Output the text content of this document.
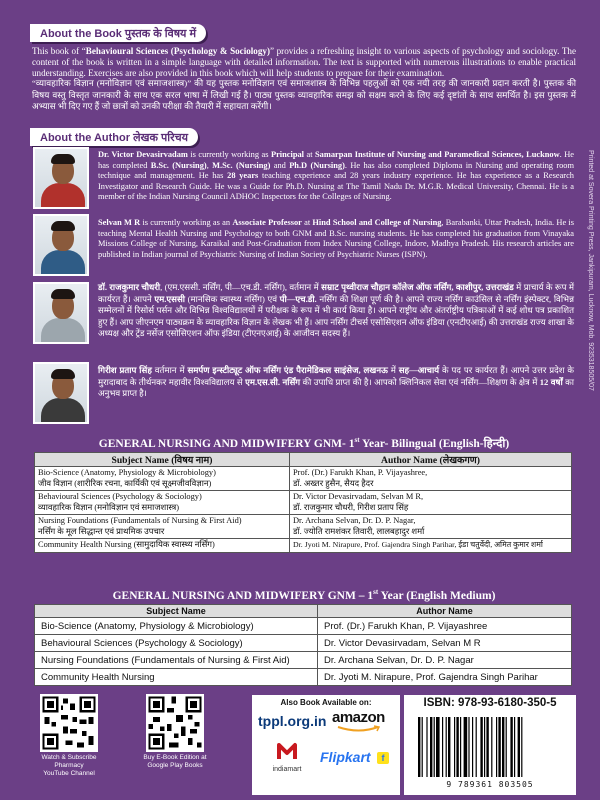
About the Book पुस्तक के विषय में
This book of “Behavioural Sciences (Psychology & Sociology)” provides a refreshing insight to various aspects of psychology and sociology. The content of the book is written in a simple language with detailed information. The text is supported with numerous illustrations to enable practical understanding. Exercises are also provided in this book which will help students to prepare for their examination.
“व्यावहारिक विज्ञान (मनोविज्ञान एवं समाजशास्त्र)” की यह पुस्तक मनोविज्ञान एवं समाजशास्त्र के विभिन्न पहलुओं को एक नयी तरह की जानकारी प्रदान करती है। पुस्तक की विषय वस्तु विस्तृत जानकारी के साथ एक सरल भाषा में लिखी गई है। पाठ्य पुस्तक व्यावहारिक समझ को सक्षम करने के लिए कई दृष्टांतों के साथ समर्थित है। इस पुस्तक में अभ्यास भी दिए गए हैं जो छात्रों को उनकी परीक्षा की तैयारी में सहायता करेंगी।
About the Author लेखक परिचय
Dr. Victor Devasirvadam is currently working as Principal at Samarpan Institute of Nursing and Paramedical Sciences, Lucknow. He has completed B.Sc. (Nursing), M.Sc. (Nursing) and Ph.D (Nursing). He has also completed Diploma in Nursing and operating room technique and management. He has 28 years teaching experience and 28 years industry experience. He has experience as a Research Investigator and Research Guide. He was a Guide for Ph.D. Nursing at The Tamil Nadu Dr. M.G.R. Medical University, Chennai. He is a member of the Indian Nursing Council ADHOC Inspectors for the Colleges of Nursing.
Selvan M R is currently working as an Associate Professor at Hind School and College of Nursing, Barabanki, Uttar Pradesh, India. He is teaching Mental Health Nursing and Psychology to both GNM and B.Sc. nursing students. He has completed his graduation from Vinayaka Missions College of Nursing, Karaikal and Post-Graduation from Index Nursing College, Indore, Madhya Pradesh. His research articles are published in Indian journal of Psychiatric Nursing of Indian Society of Psychiatric Nurses (ISPN).
डॉ. राजकुमार चौधरी, (एम.एससी. नर्सिंग, पी—एच.डी. नर्सिंग), वर्तमान में सम्राट पृथ्वीराज चौहान कॉलेज ऑफ नर्सिंग, काशीपुर, उत्तराखंड में प्राचार्य के रूप में कार्यरत हैं। आपने एम.एससी (मानसिक स्वास्थ्य नर्सिंग) एवं पी—एच.डी. नर्सिंग की शिक्षा पूर्ण की है। आपने राज्य नर्सिंग काउंसिल से नर्सिंग इंस्पेक्टर, विभिन्न सम्मेलनों में रिसोर्स पर्सन और विभिन्न विश्वविद्यालयों में परीक्षक के रूप में भी कार्य किया है। आपने राष्ट्रीय और अंतर्राष्ट्रीय पत्रिकाओं में कई शोध पत्र प्रकाशित हुए हैं। आप जीएनएम पाठ्यक्रम के व्यावहारिक विज्ञान के लेखक भी हैं। आप नर्सिंग टीचर्स एसोसिएशन ऑफ इंडिया (एनटीएआई) की उत्तराखंड राज्य शाखा के अध्यक्ष और ट्रेंड नर्सेज एसोसिएशन ऑफ इंडिया (टीएनएआई) के आजीवन सदस्य हैं।
गिरीश प्रताप सिंह वर्तमान में समर्पण इन्स्टीट्यूट ऑफ नर्सिंग एंड पैरामेडिकल साइंसेज, लखनऊ में सह—आचार्य के पद पर कार्यरत हैं। आपने उत्तर प्रदेश के मुरादाबाद के तीर्थनकर महावीर विश्वविद्यालय से एम.एस.सी. नर्सिंग की उपाधि प्राप्त की है। आपको क्लिनिकल सेवा एवं नर्सिंग—शिक्षण के क्षेत्र में 12 वर्षों का अनुभव प्राप्त है।
Printed at Sovera Printing Press, Jankipuram, Lucknow, Mob. 9235318505/07
GENERAL NURSING AND MIDWIFERY GNM- 1st Year- Bilingual (English-हिन्दी)
Subject Name (विषय नाम)	Author Name (लेखकगण)
Bio-Science (Anatomy, Physiology & Microbiology)
जीव विज्ञान (शारीरिक रचना, कार्यिकी एवं सूक्ष्मजीवविज्ञान)	Prof. (Dr.) Farukh Khan, P. Vijayashree,
डॉ. अख्तर हुसैन, सैयद हैदर
Behavioural Sciences (Psychology & Sociology)
व्यावहारिक विज्ञान (मनोविज्ञान एवं समाजशास्त्र)	Dr. Victor Devasirvadam, Selvan M R,
डॉ. राजकुमार चौधरी, गिरीश प्रताप सिंह
Nursing Foundations (Fundamentals of Nursing & First Aid)
नर्सिंग के मूल सिद्धान्त एवं प्राथमिक उपचार	Dr. Archana Selvan, Dr. D. P. Nagar,
डॉ. ज्योति रामशंकर तिवारी, लालबहादुर शर्मा
Community Health Nursing (सामुदायिक स्वास्थ्य नर्सिंग)	Dr. Jyoti M. Nirapure, Prof. Gajendra Singh Parihar, ईडा चतुर्वेदी, अमित कुमार शर्मा
GENERAL NURSING AND MIDWIFERY GNM – 1st Year (English Medium)
Subject Name	Author Name
Bio-Science (Anatomy, Physiology & Microbiology)	Prof. (Dr.) Farukh Khan, P. Vijayashree
Behavioural Sciences (Psychology & Sociology)	Dr. Victor Devasirvadam, Selvan M R
Nursing Foundations (Fundamentals of Nursing & First Aid)	Dr. Archana Selvan, Dr. D. P. Nagar
Community Health Nursing	Dr. Jyoti M. Nirapure, Prof. Gajendra Singh Parihar
Watch & Subscribe
Pharmacy
YouTube Channel
Buy E-Book Edition at
Google Play Books
Also Book Available on:
tppl.org.in amazon
indiamart
Flipkart f
ISBN: 978-93-6180-350-5
9 789361 803505
